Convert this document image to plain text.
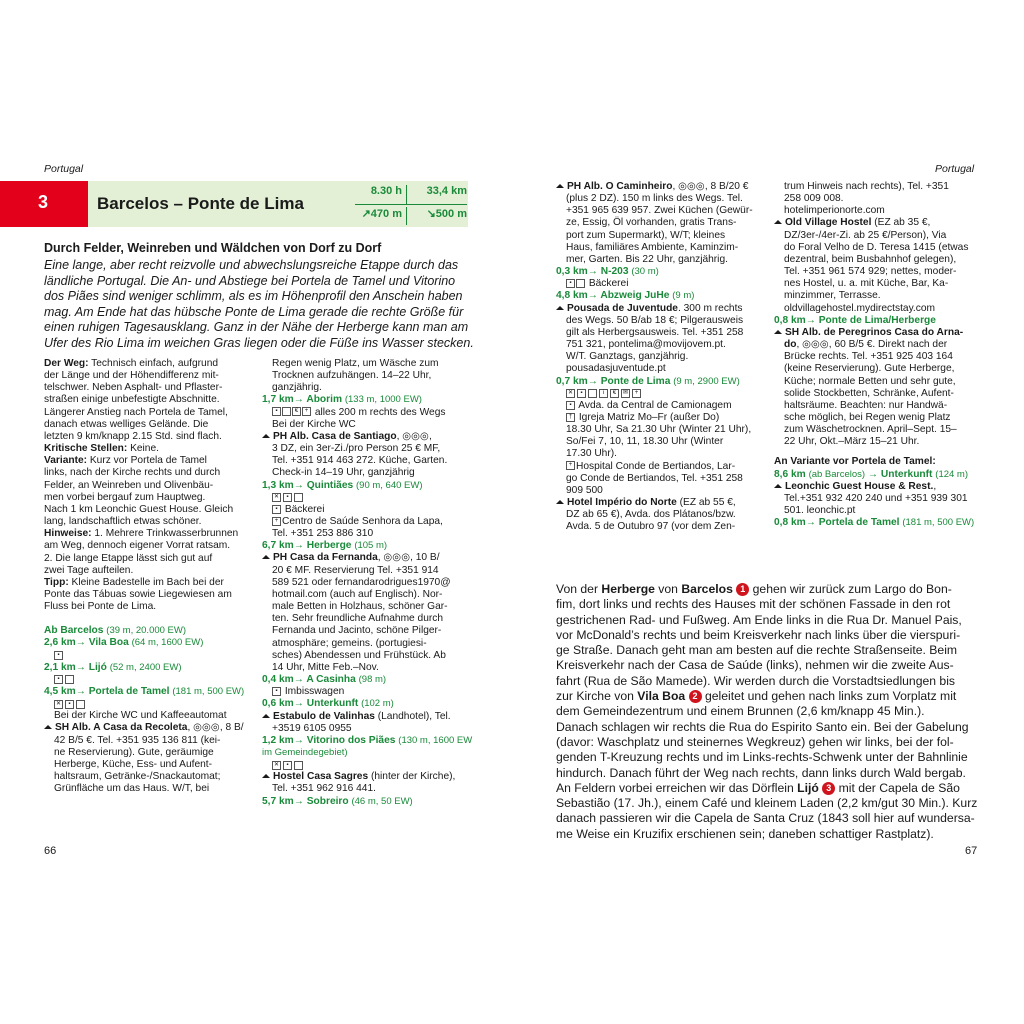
Portugal
3	Barcelos – Ponte de Lima
8.30 h	33,4 km
↗470 m	↘500 m
Durch Felder, Weinreben und Wäldchen von Dorf zu Dorf
Eine lange, aber recht reizvolle und abwechslungsreiche Etappe durch das
ländliche Portugal. Die An- und Abstiege bei Portela de Tamel und Vitorino
dos Piães sind weniger schlimm, als es im Höhenprofil den Anschein haben
mag. Am Ende hat das hübsche Ponte de Lima gerade die rechte Größe für
einen ruhigen Tagesausklang. Ganz in der Nähe der Herberge kann man am
Ufer des Rio Lima im weichen Gras liegen oder die Füße ins Wasser stecken.

Der Weg: Technisch einfach, aufgrund

der Länge und der Höhendifferenz mit-

telschwer. Neben Asphalt- und Pflaster-

straßen einige unbefestigte Abschnitte.

Längerer Anstieg nach Portela de Tamel,

danach etwas welliges Gelände. Die

letzten 9 km/knapp 2.15 Std. sind flach.

Kritische Stellen: Keine.

Variante: Kurz vor Portela de Tamel

links, nach der Kirche rechts und durch

Felder, an Weinreben und Olivenbäu-

men vorbei bergauf zum Hauptweg.

Nach 1 km Leonchic Guest House. Gleich

lang, landschaftlich etwas schöner.

Hinweise: 1. Mehrere Trinkwasserbrunnen

am Weg, dennoch eigener Vorrat ratsam.

2. Die lange Etappe lässt sich gut auf

zwei Tage aufteilen.

Tipp: Kleine Badestelle im Bach bei der

Ponte das Tábuas sowie Liegewiesen am

Fluss bei Ponte de Lima.

Ab Barcelos (39 m, 20.000 EW)

2,6 km→ Vila Boa (64 m, 1600 EW)

▪

2,1 km→ Lijó (52 m, 2400 EW)

▪

4,5 km→ Portela de Tamel (181 m, 500 EW)

✕	▪

Bei der Kirche WC und Kaffeeautomat

SH Alb. A Casa da Recoleta, ◎◎◎, 8 B/

42 B/5 €. Tel. +351 935 136 811 (kei-

ne Reservierung). Gute, geräumige

Herberge, Küche, Ess- und Aufent-

haltsraum, Getränke-/Snackautomat;

Grünfläche um das Haus. W/T, bei

Regen wenig Platz, um Wäsche zum

Trocknen aufzuhängen. 14–22 Uhr,

ganzjährig.

1,7 km→ Aborim (133 m, 1000 EW)

▪	€ + alles 200 m rechts des Wegs

Bei der Kirche WC

PH Alb. Casa de Santiago, ◎◎◎,

3 DZ, ein 3er-Zi./pro Person 25 € MF,

Tel. +351 914 463 272. Küche, Garten.

Check-in 14–19 Uhr, ganzjährig

1,3 km→ Quintiães (90 m, 640 EW)

✕	▪

▪ Bäckerei

+ Centro de Saúde Senhora da Lapa,

Tel. +351 253 886 310

6,7 km→ Herberge (105 m)

PH Casa da Fernanda, ◎◎◎, 10 B/

20 € MF. Reservierung Tel. +351 914

589 521 oder fernandarodrigues1970@

hotmail.com (auch auf Englisch). Nor-

male Betten in Holzhaus, schöner Gar-

ten. Sehr freundliche Aufnahme durch

Fernanda und Jacinto, schöne Pilger-

atmosphäre; gemeins. (portugiesi-

sches) Abendessen und Frühstück. Ab

14 Uhr, Mitte Feb.–Nov.

0,4 km→ A Casinha (98 m)

▪ Imbisswagen

0,6 km→ Unterkunft (102 m)

Estabulo de Valinhas (Landhotel), Tel.

+3519 6105 0955

1,2 km→ Vitorino dos Piães (130 m, 1600 EW

im Gemeindegebiet)

✕	▪

Hostel Casa Sagres (hinter der Kirche),

Tel. +351 962 916 441.

5,7 km→ Sobreiro (46 m, 50 EW)

66
Portugal

PH Alb. O Caminheiro, ◎◎◎, 8 B/20 €

(plus 2 DZ). 150 m links des Wegs. Tel.

+351 965 639 957. Zwei Küchen (Gewür-

ze, Essig, Öl vorhanden, gratis Trans-

port zum Supermarkt), W/T; kleines

Haus, familiäres Ambiente, Kaminzim-

mer, Garten. Bis 22 Uhr, ganzjährig.

0,3 km→ N-203 (30 m)

▪ Bäckerei

4,8 km→ Abzweig JuHe (9 m)

Pousada de Juventude. 300 m rechts

des Wegs. 50 B/ab 18 €; Pilgerausweis

gilt als Herbergsausweis. Tel. +351 258

751 321, pontelima@movijovem.pt.

W/T. Ganztags, ganzjährig.

pousadasjuventude.pt

0,7 km→ Ponte de Lima (9 m, 2900 EW)

✕	▪	i	€	✉	+

▪ Avda. da Central de Camionagem

† Igreja Matriz Mo–Fr (außer Do)

18.30 Uhr, Sa 21.30 Uhr (Winter 21 Uhr),

So/Fei 7, 10, 11, 18.30 Uhr (Winter

17.30 Uhr).

+ Hospital Conde de Bertiandos, Lar-

go Conde de Bertiandos, Tel. +351 258

909 500

Hotel Império do Norte (EZ ab 55 €,

DZ ab 65 €), Avda. dos Plátanos/bzw.

Avda. 5 de Outubro 97 (vor dem Zen-

trum Hinweis nach rechts), Tel. +351

258 009 008.

hotelimperionorte.com

Old Village Hostel (EZ ab 35 €,

DZ/3er-/4er-Zi. ab 25 €/Person), Via

do Foral Velho de D. Teresa 1415 (etwas

dezentral, beim Busbahnhof gelegen),

Tel. +351 961 574 929; nettes, moder-

nes Hostel, u. a. mit Küche, Bar, Ka-

minzimmer, Terrasse.

oldvillagehostel.mydirectstay.com

0,8 km→ Ponte de Lima/Herberge

SH Alb. de Peregrinos Casa do Arna-

do, ◎◎◎, 60 B/5 €. Direkt nach der

Brücke rechts. Tel. +351 925 403 164

(keine Reservierung). Gute Herberge,

Küche; normale Betten und sehr gute,

solide Stockbetten, Schränke, Aufent-

haltsräume. Beachten: nur Handwä-

sche möglich, bei Regen wenig Platz

zum Wäschetrocknen. April–Sept. 15–

22 Uhr, Okt.–März 15–21 Uhr.

An Variante vor Portela de Tamel:

8,6 km (ab Barcelos) → Unterkunft (124 m)

Leonchic Guest House & Rest.,

Tel.+351 932 420 240 und +351 939 301

501. leonchic.pt

0,8 km→ Portela de Tamel (181 m, 500 EW)

Von der Herberge von Barcelos 1 gehen wir zurück zum Largo do Bon-
fim, dort links und rechts des Hauses mit der schönen Fassade in den rot
gestrichenen Rad- und Fußweg. Am Ende links in die Rua Dr. Manuel Pais,
vor McDonald’s rechts und beim Kreisverkehr nach links über die vierspuri-
ge Straße. Danach geht man am besten auf die rechte Straßenseite. Beim
Kreisverkehr nach der Casa de Saúde (links), nehmen wir die zweite Aus-
fahrt (Rua de São Mamede). Wir werden durch die Vorstadtsiedlungen bis
zur Kirche von Vila Boa 2 geleitet und gehen nach links zum Vorplatz mit
dem Gemeindezentrum und einem Brunnen (2,6 km/knapp 45 Min.).
Danach schlagen wir rechts die Rua do Espirito Santo ein. Bei der Gabelung
(davor: Waschplatz und steinernes Wegkreuz) gehen wir links, bei der fol-
genden T-Kreuzung rechts und im Links-rechts-Schwenk unter der Bahnlinie
hindurch. Danach führt der Weg nach rechts, dann links durch Wald bergab.
An Feldern vorbei erreichen wir das Dörflein Lijó 3 mit der Capela de São
Sebastião (17. Jh.), einem Café und kleinem Laden (2,2 km/gut 30 Min.). Kurz
danach passieren wir die Capela de Santa Cruz (1843 soll hier auf wundersa-
me Weise ein Kruzifix erschienen sein; daneben schattiger Rastplatz).
67
